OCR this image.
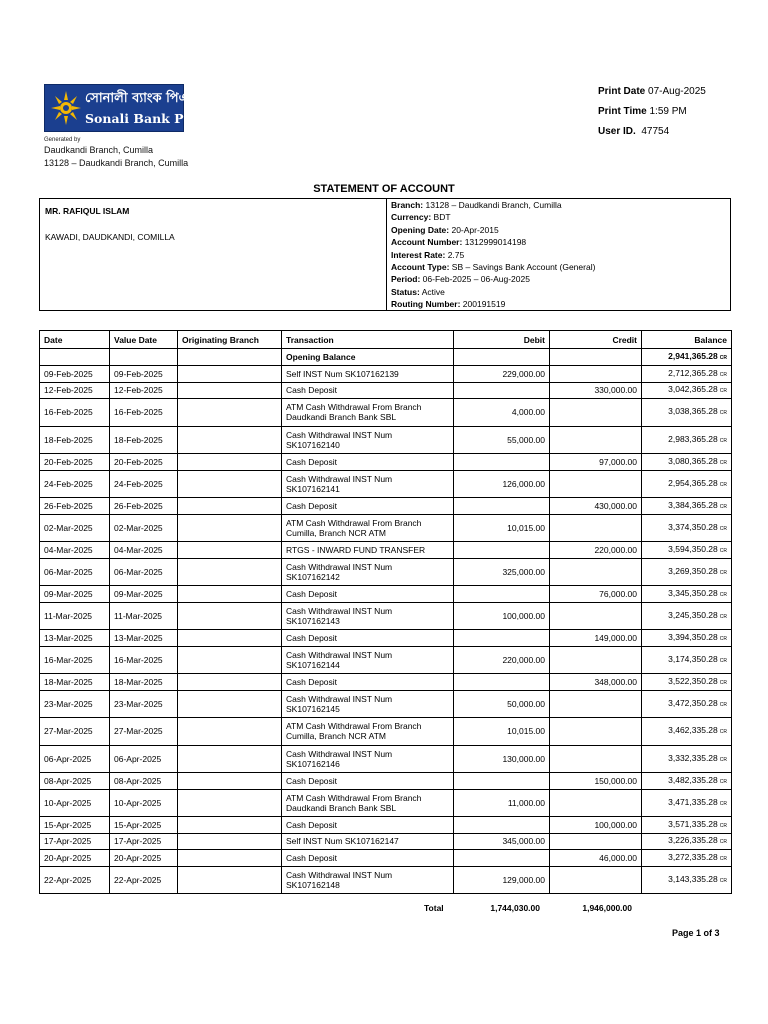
সোনালী ব্যাংক পিএলসি
Sonali Bank PLC
Generated by
Daudkandi Branch, Cumilla
13128 – Daudkandi Branch, Cumilla
Print Date 07-Aug-2025
Print Time 1:59 PM
User ID. 47754
STATEMENT OF ACCOUNT
MR. RAFIQUL ISLAM
KAWADI, DAUDKANDI, COMILLA
Branch: 13128 – Daudkandi Branch, Cumilla
Currency: BDT
Opening Date: 20-Apr-2015
Account Number: 1312999014198
Interest Rate: 2.75
Account Type: SB – Savings Bank Account (General)
Period: 06-Feb-2025 – 06-Aug-2025
Status: Active
Routing Number: 200191519
Date	Value Date	Originating Branch	Transaction	Debit	Credit	Balance
			Opening Balance			2,941,365.28 CR
09-Feb-2025	09-Feb-2025		Self INST Num SK107162139	229,000.00		2,712,365.28 CR
12-Feb-2025	12-Feb-2025		Cash Deposit		330,000.00	3,042,365.28 CR
16-Feb-2025	16-Feb-2025		ATM Cash Withdrawal From Branch
Daudkandi Branch Bank SBL	4,000.00		3,038,365.28 CR
18-Feb-2025	18-Feb-2025		Cash Withdrawal INST Num
SK107162140	55,000.00		2,983,365.28 CR
20-Feb-2025	20-Feb-2025		Cash Deposit		97,000.00	3,080,365.28 CR
24-Feb-2025	24-Feb-2025		Cash Withdrawal INST Num
SK107162141	126,000.00		2,954,365.28 CR
26-Feb-2025	26-Feb-2025		Cash Deposit		430,000.00	3,384,365.28 CR
02-Mar-2025	02-Mar-2025		ATM Cash Withdrawal From Branch
Cumilla, Branch NCR ATM	10,015.00		3,374,350.28 CR
04-Mar-2025	04-Mar-2025		RTGS - INWARD FUND TRANSFER		220,000.00	3,594,350.28 CR
06-Mar-2025	06-Mar-2025		Cash Withdrawal INST Num
SK107162142	325,000.00		3,269,350.28 CR
09-Mar-2025	09-Mar-2025		Cash Deposit		76,000.00	3,345,350.28 CR
11-Mar-2025	11-Mar-2025		Cash Withdrawal INST Num
SK107162143	100,000.00		3,245,350.28 CR
13-Mar-2025	13-Mar-2025		Cash Deposit		149,000.00	3,394,350.28 CR
16-Mar-2025	16-Mar-2025		Cash Withdrawal INST Num
SK107162144	220,000.00		3,174,350.28 CR
18-Mar-2025	18-Mar-2025		Cash Deposit		348,000.00	3,522,350.28 CR
23-Mar-2025	23-Mar-2025		Cash Withdrawal INST Num
SK107162145	50,000.00		3,472,350.28 CR
27-Mar-2025	27-Mar-2025		ATM Cash Withdrawal From Branch
Cumilla, Branch NCR ATM	10,015.00		3,462,335.28 CR
06-Apr-2025	06-Apr-2025		Cash Withdrawal INST Num
SK107162146	130,000.00		3,332,335.28 CR
08-Apr-2025	08-Apr-2025		Cash Deposit		150,000.00	3,482,335.28 CR
10-Apr-2025	10-Apr-2025		ATM Cash Withdrawal From Branch
Daudkandi Branch Bank SBL	11,000.00		3,471,335.28 CR
15-Apr-2025	15-Apr-2025		Cash Deposit		100,000.00	3,571,335.28 CR
17-Apr-2025	17-Apr-2025		Self INST Num SK107162147	345,000.00		3,226,335.28 CR
20-Apr-2025	20-Apr-2025		Cash Deposit		46,000.00	3,272,335.28 CR
22-Apr-2025	22-Apr-2025		Cash Withdrawal INST Num
SK107162148	129,000.00		3,143,335.28 CR
Total	1,744,030.00	1,946,000.00
Page 1 of 3
